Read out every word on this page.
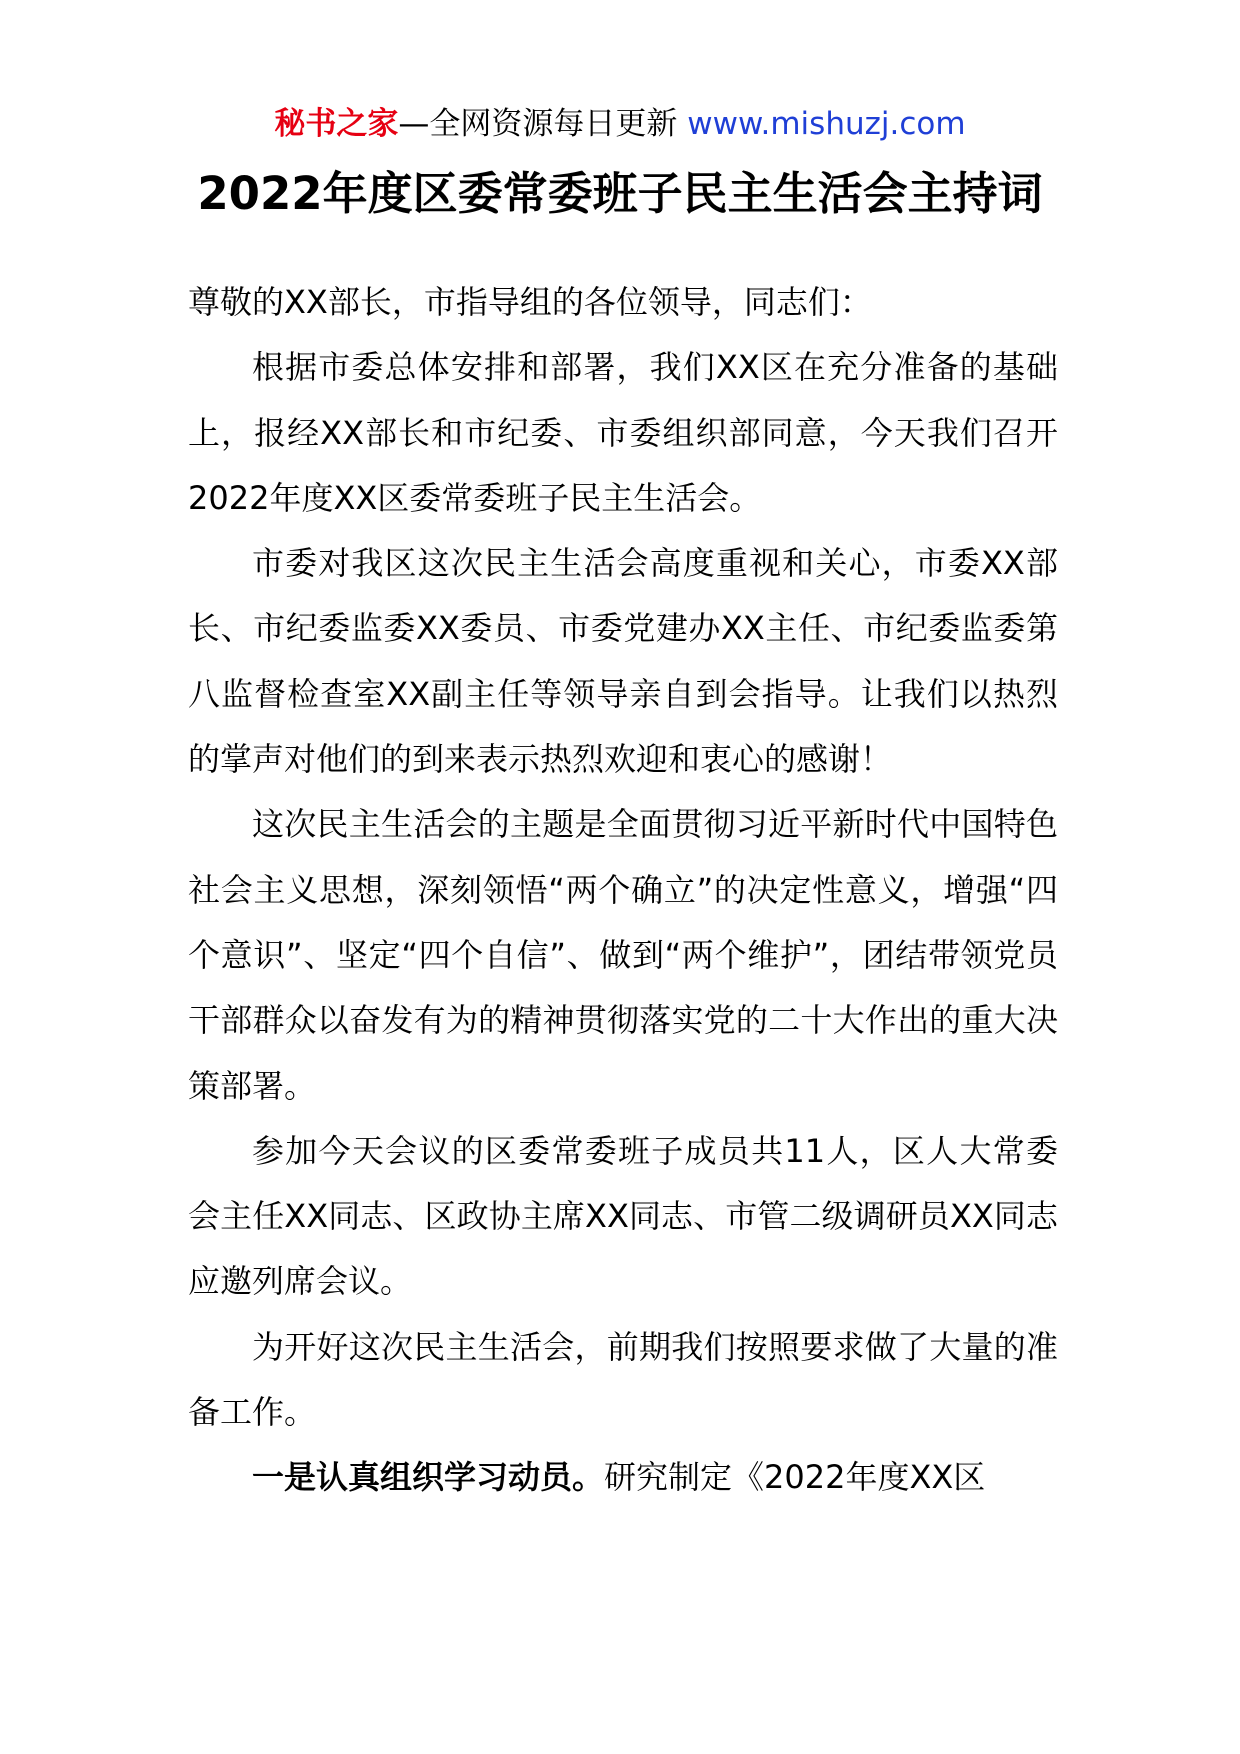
秘书之家—全网资源每日更新 www.mishuzj.com
2022年度区委常委班子民主生活会主持词

尊敬的XX部长，市指导组的各位领导，同志们：

根据市委总体安排和部署，我们XX区在充分准备的基础上，报经XX部长和市纪委、市委组织部同意，今天我们召开2022年度XX区委常委班子民主生活会。

市委对我区这次民主生活会高度重视和关心，市委XX部长、市纪委监委XX委员、市委党建办XX主任、市纪委监委第八监督检查室XX副主任等领导亲自到会指导。让我们以热烈的掌声对他们的到来表示热烈欢迎和衷心的感谢！

这次民主生活会的主题是全面贯彻习近平新时代中国特色社会主义思想，深刻领悟“两个确立”的决定性意义，增强“四个意识”、坚定“四个自信”、做到“两个维护”，团结带领党员干部群众以奋发有为的精神贯彻落实党的二十大作出的重大决策部署。

参加今天会议的区委常委班子成员共11人，区人大常委会主任XX同志、区政协主席XX同志、市管二级调研员XX同志应邀列席会议。

为开好这次民主生活会，前期我们按照要求做了大量的准备工作。

一是认真组织学习动员。研究制定《2022年度XX区
